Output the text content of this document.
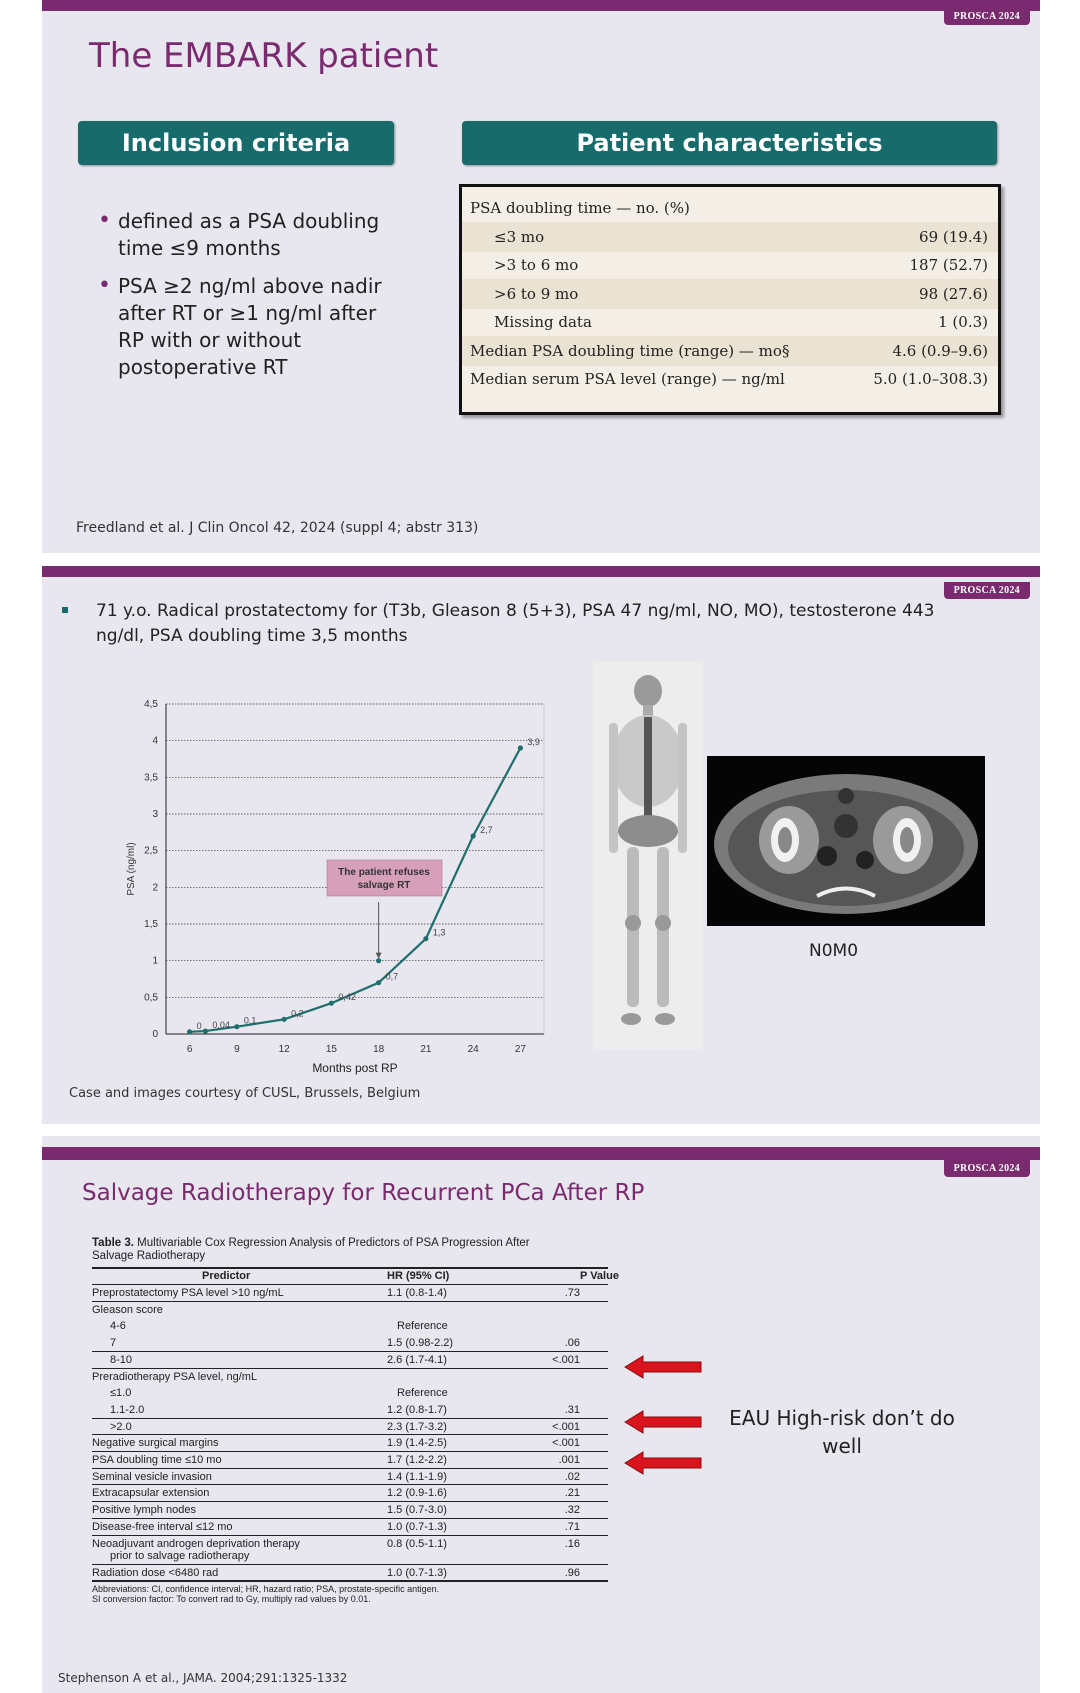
PROSCA 2024
The EMBARK patient
Inclusion criteria	Patient characteristics
• defined as a PSA doubling time ≤9 months
• PSA ≥2 ng/ml above nadir after RT or ≥1 ng/ml after RP with or without postoperative RT
PSA doubling time — no. (%)
≤3 mo	69 (19.4)
>3 to 6 mo	187 (52.7)
>6 to 9 mo	98 (27.6)
Missing data	1 (0.3)
Median PSA doubling time (range) — mo§	4.6 (0.9–9.6)
Median serum PSA level (range) — ng/ml	5.0 (1.0–308.3)
Freedland et al. J Clin Oncol 42, 2024 (suppl 4; abstr 313)
PROSCA 2024
71 y.o. Radical prostatectomy for (T3b, Gleason 8 (5+3), PSA 47 ng/ml, NO, MO), testosterone 443 ng/dl, PSA doubling time 3,5 months
0
0,5
1
1,5
2
2,5
3
3,5
4
4,5
6	9	12	15	18	21	24	27
Months post RP
PSA (ng/ml)
0 0,04 0,1
0,2
0,42
0,7
1,3
2,7
3,9
The patient refuses
salvage RT
N0M0
Case and images courtesy of CUSL, Brussels, Belgium
PROSCA 2024
Salvage Radiotherapy for Recurrent PCa After RP
Table 3. Multivariable Cox Regression Analysis of Predictors of PSA Progression After Salvage Radiotherapy
Predictor	HR (95% CI)	P Value
Preprostatectomy PSA level >10 ng/mL	1.1 (0.8-1.4)	.73
Gleason score
4-6	Reference
7	1.5 (0.98-2.2)	.06
8-10	2.6 (1.7-4.1)	<.001
Preradiotherapy PSA level, ng/mL
≤1.0	Reference
1.1-2.0	1.2 (0.8-1.7)	.31
>2.0	2.3 (1.7-3.2)	<.001
Negative surgical margins	1.9 (1.4-2.5)	<.001
PSA doubling time ≤10 mo	1.7 (1.2-2.2)	.001
Seminal vesicle invasion	1.4 (1.1-1.9)	.02
Extracapsular extension	1.2 (0.9-1.6)	.21
Positive lymph nodes	1.5 (0.7-3.0)	.32
Disease-free interval ≤12 mo	1.0 (0.7-1.3)	.71
Neoadjuvant androgen deprivation therapy
prior to salvage radiotherapy
0.8 (0.5-1.1)	.16
Radiation dose <6480 rad	1.0 (0.7-1.3)	.96
Abbreviations: CI, confidence interval; HR, hazard ratio; PSA, prostate-specific antigen.
SI conversion factor: To convert rad to Gy, multiply rad values by 0.01.
EAU High-risk don’t do well
Stephenson A et al., JAMA. 2004;291:1325-1332
